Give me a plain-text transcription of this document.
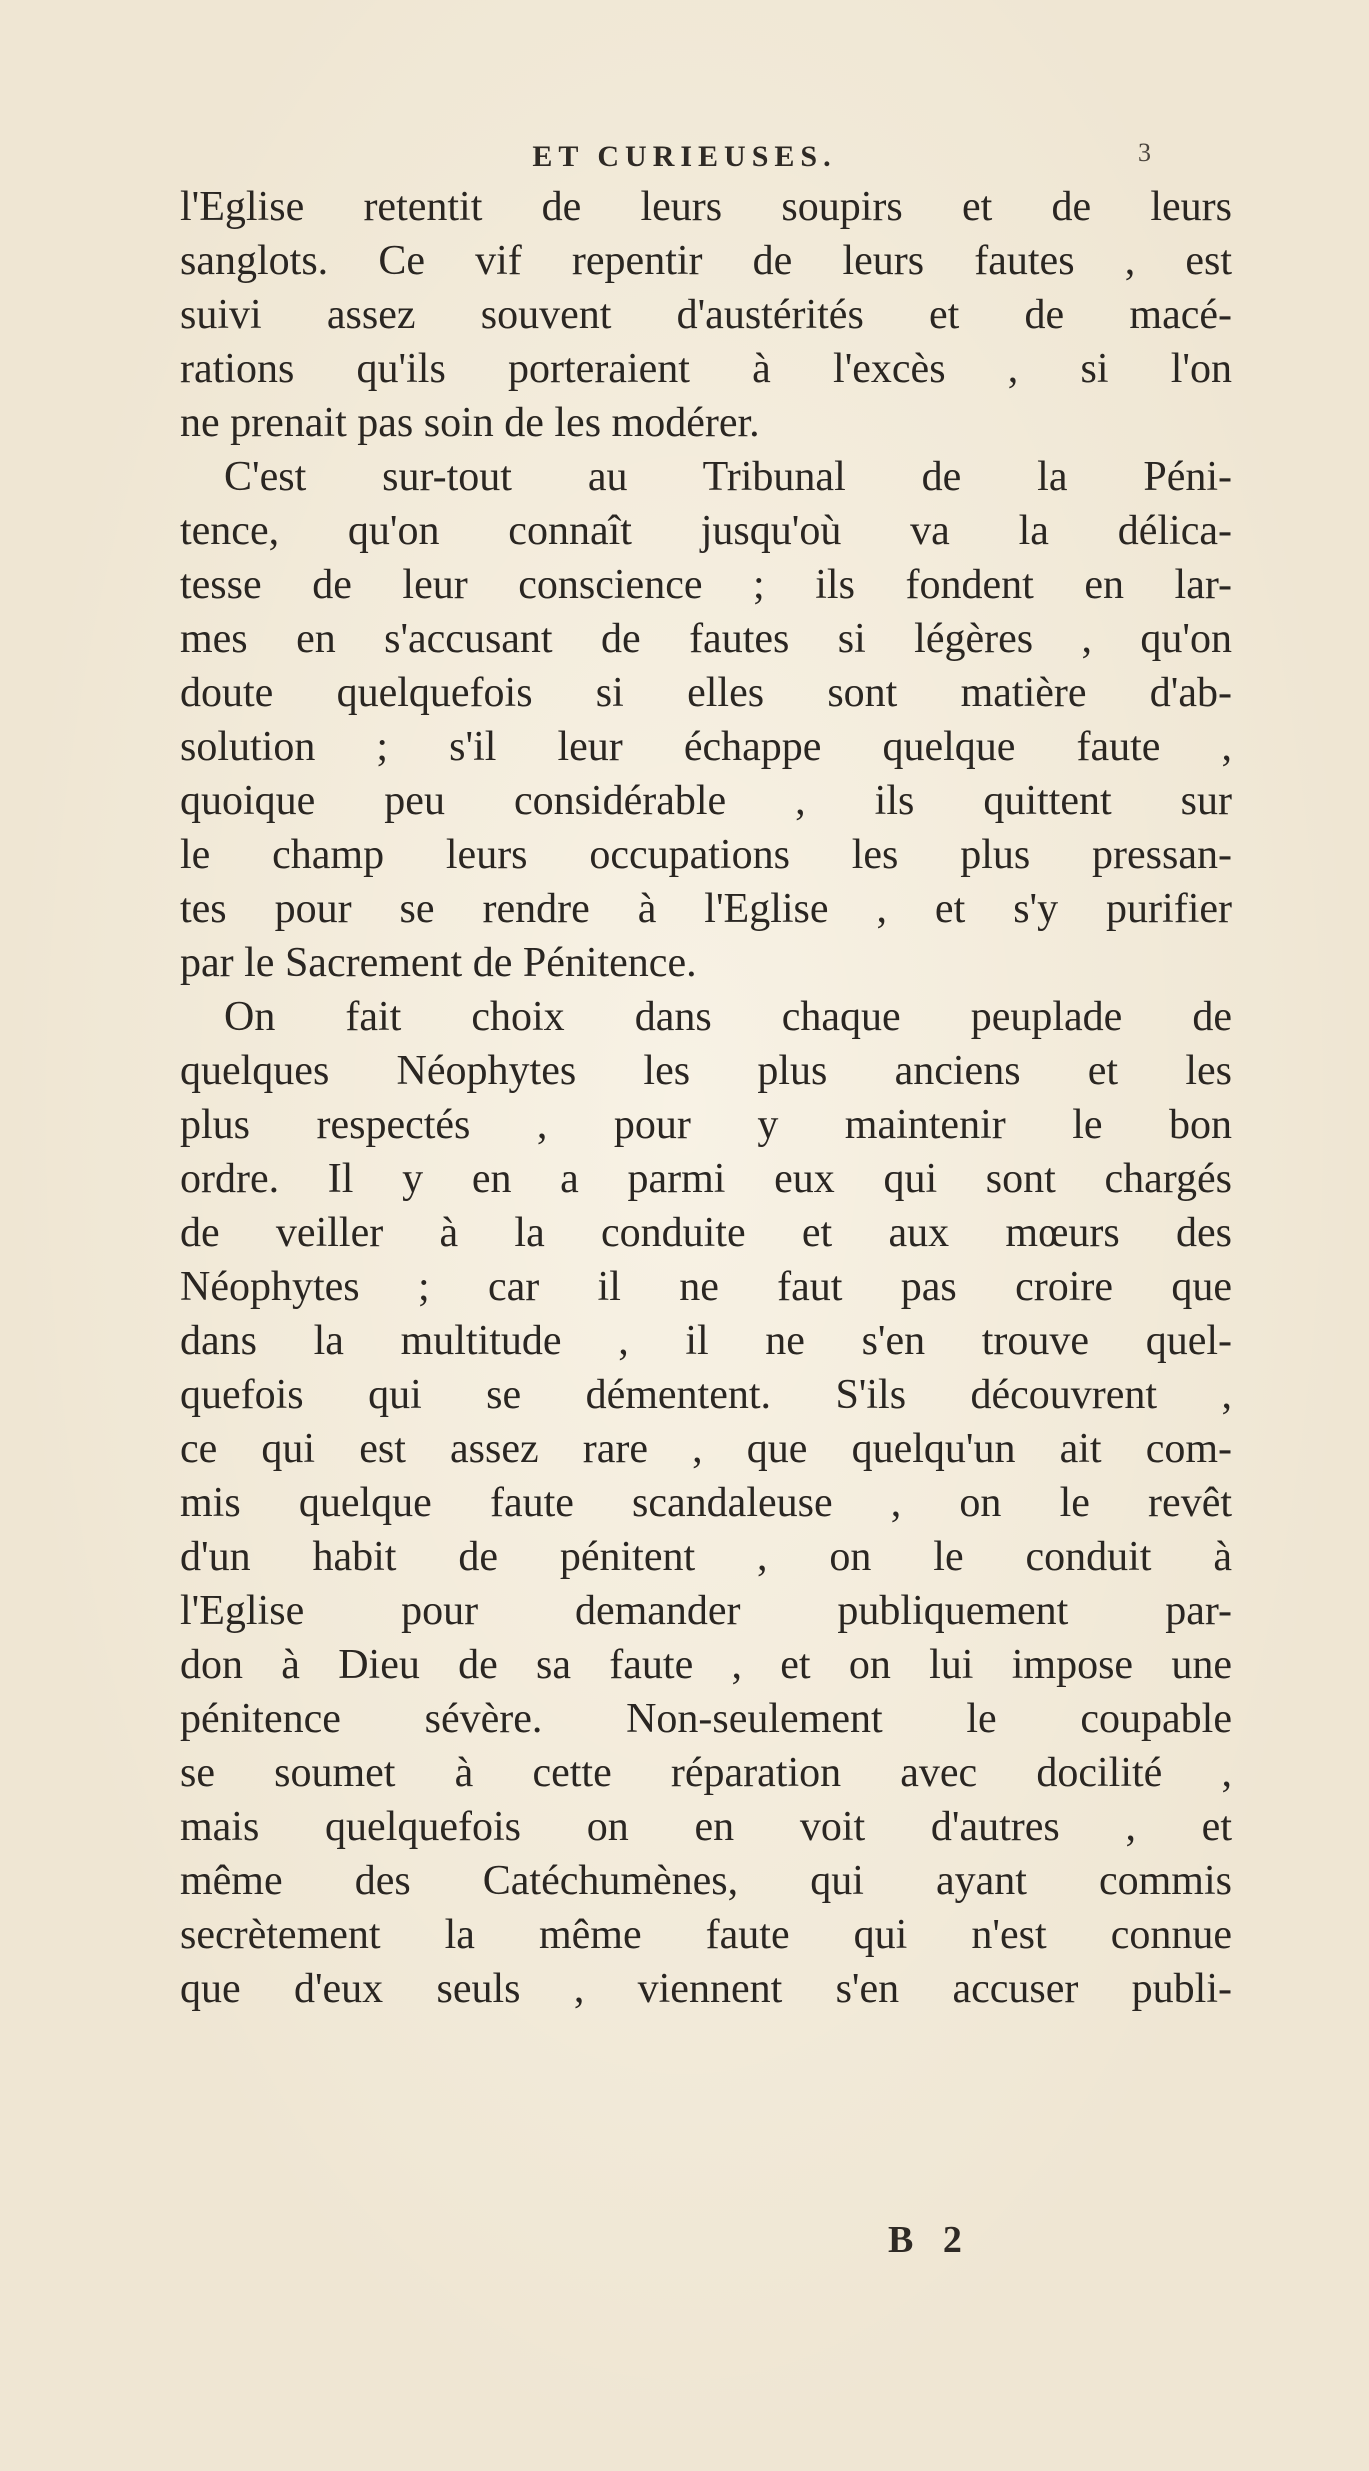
ET CURIEUSES.	3
l'Eglise retentit de leurs soupirs et de leurs
sanglots. Ce vif repentir de leurs fautes , est
suivi assez souvent d'austérités et de macé-
rations qu'ils porteraient à l'excès , si l'on
ne prenait pas soin de les modérer.
C'est sur-tout au Tribunal de la Péni-
tence, qu'on connaît jusqu'où va la délica-
tesse de leur conscience ; ils fondent en lar-
mes en s'accusant de fautes si légères , qu'on
doute quelquefois si elles sont matière d'ab-
solution ; s'il leur échappe quelque faute ,
quoique peu considérable , ils quittent sur
le champ leurs occupations les plus pressan-
tes pour se rendre à l'Eglise , et s'y purifier
par le Sacrement de Pénitence.
On fait choix dans chaque peuplade de
quelques Néophytes les plus anciens et les
plus respectés , pour y maintenir le bon
ordre. Il y en a parmi eux qui sont chargés
de veiller à la conduite et aux mœurs des
Néophytes ; car il ne faut pas croire que
dans la multitude , il ne s'en trouve quel-
quefois qui se démentent. S'ils découvrent ,
ce qui est assez rare , que quelqu'un ait com-
mis quelque faute scandaleuse , on le revêt
d'un habit de pénitent , on le conduit à
l'Eglise pour demander publiquement par-
don à Dieu de sa faute , et on lui impose une
pénitence sévère. Non-seulement le coupable
se soumet à cette réparation avec docilité ,
mais quelquefois on en voit d'autres , et
même des Catéchumènes, qui ayant commis
secrètement la même faute qui n'est connue
que d'eux seuls , viennent s'en accuser publi-
B 2
